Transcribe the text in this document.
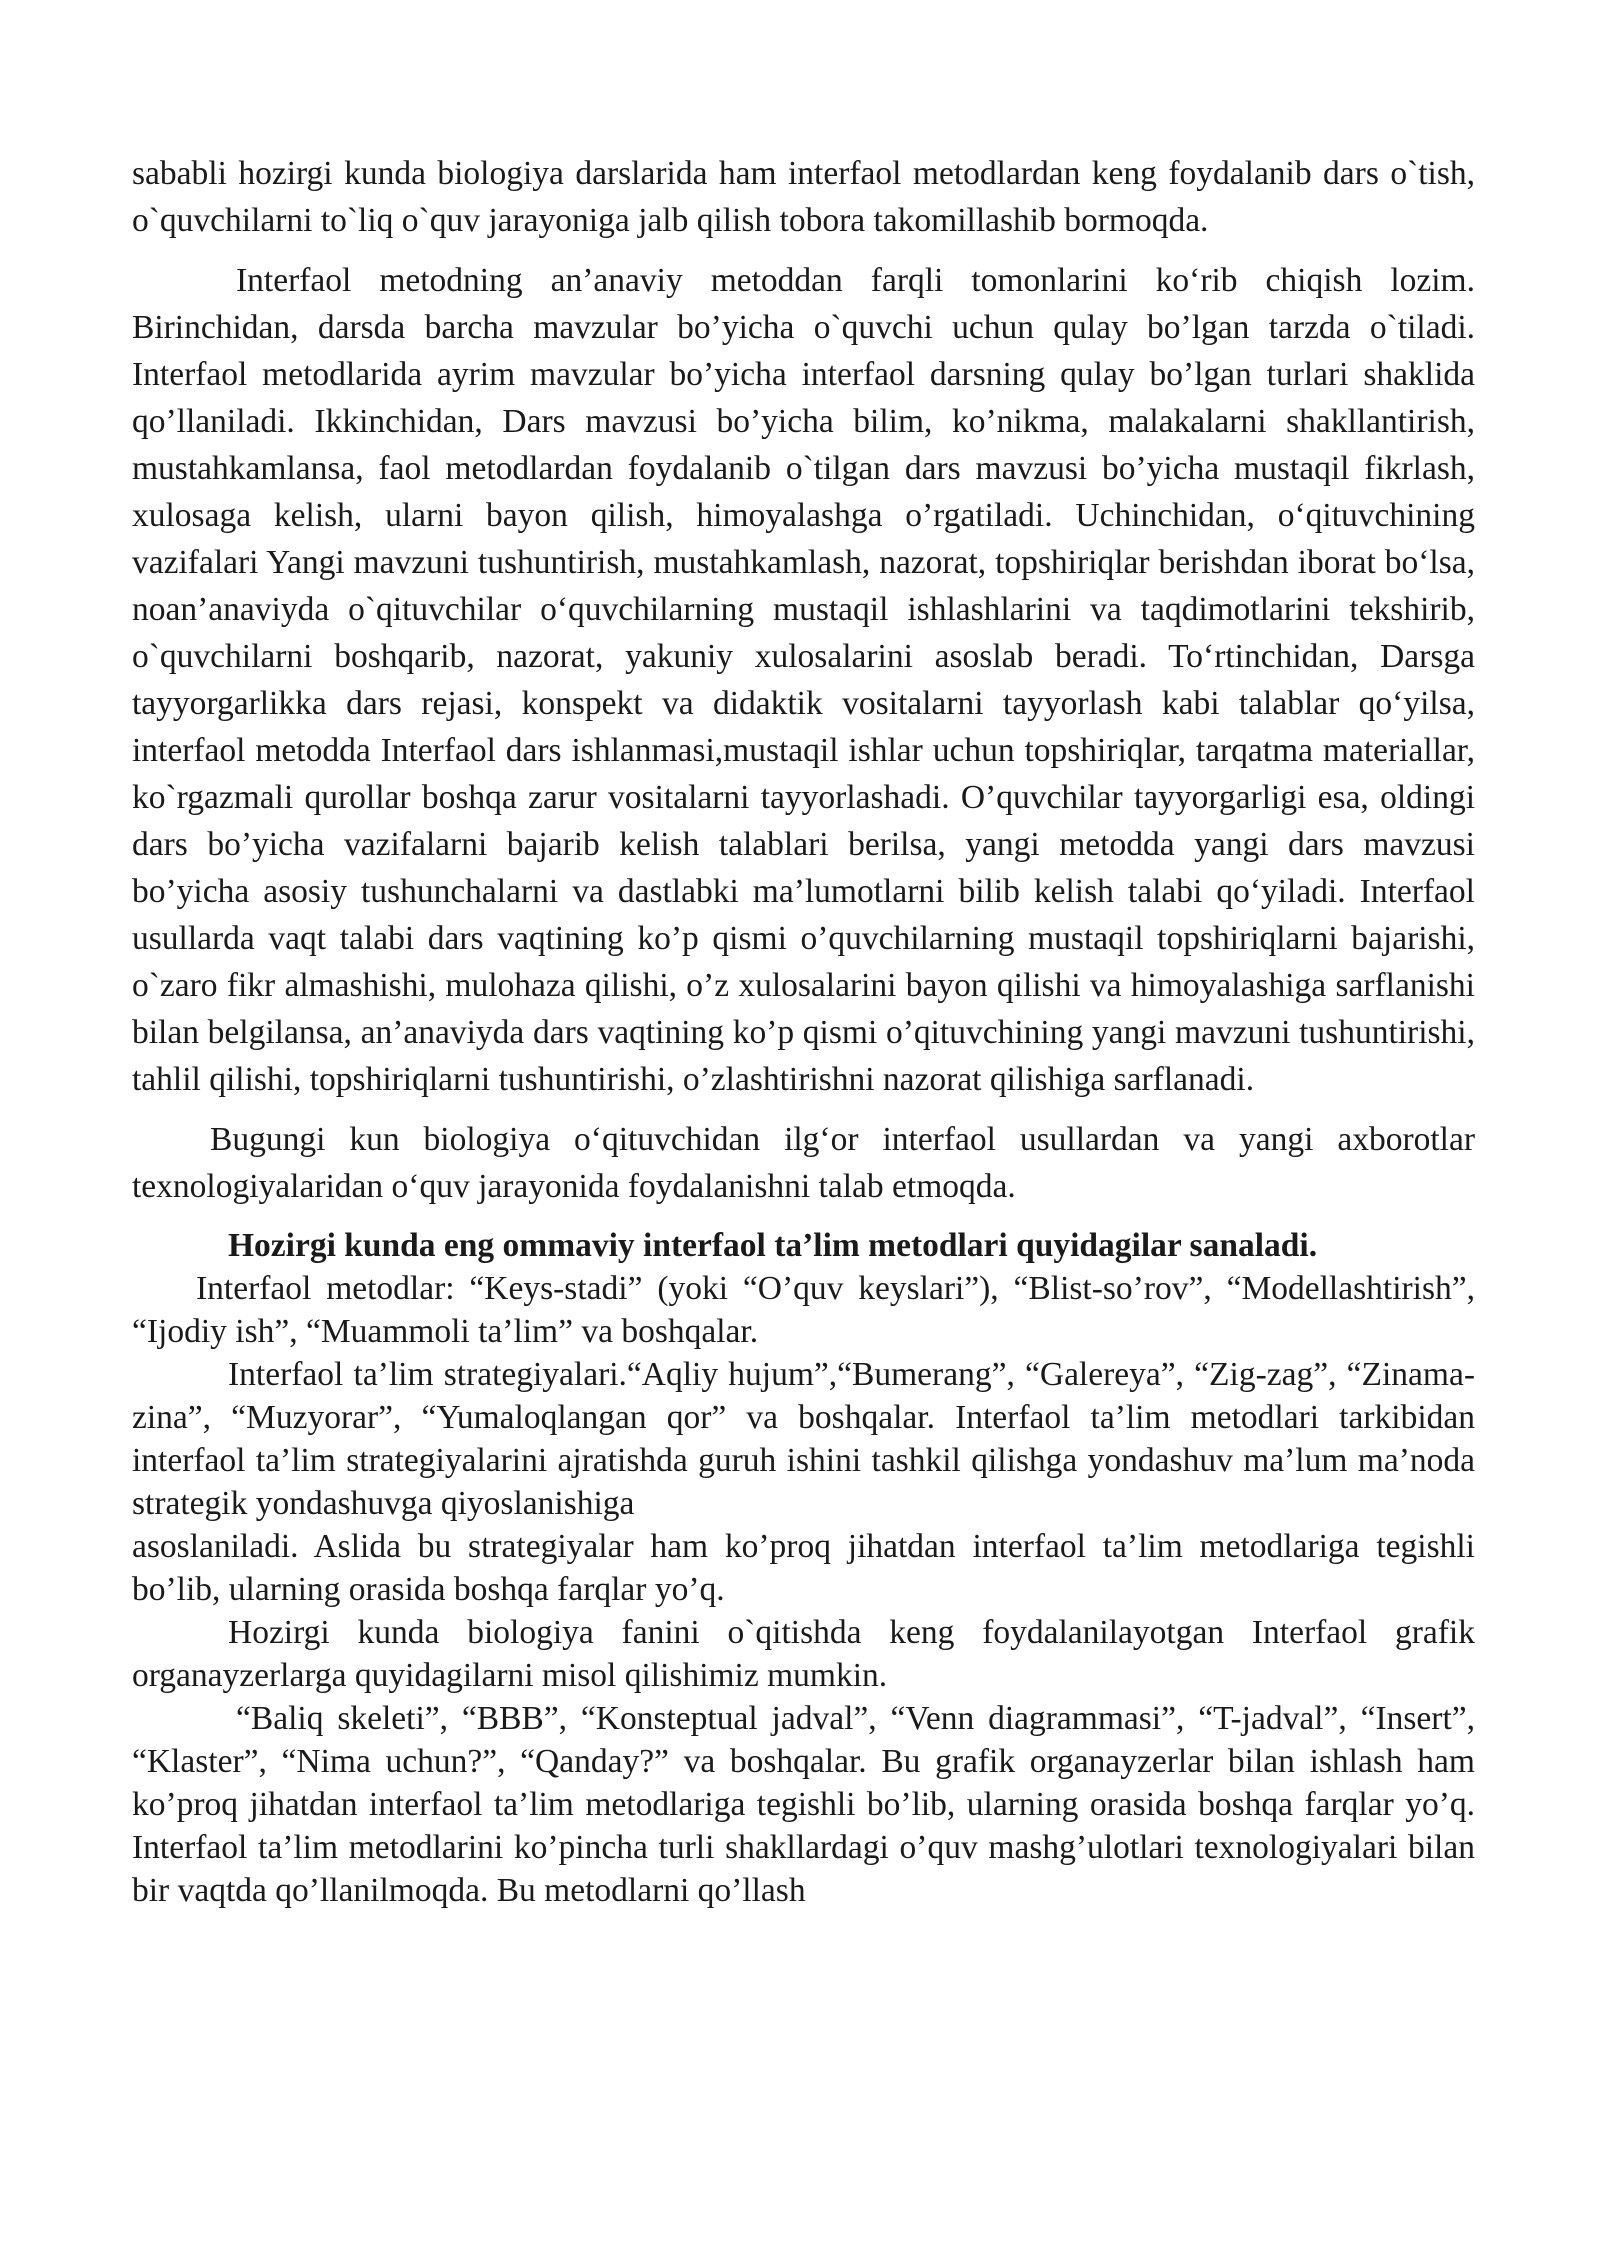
sababli hozirgi kunda biologiya darslarida ham interfaol metodlardan keng foydalanib dars o`tish, o`quvchilarni to`liq o`quv jarayoniga jalb qilish tobora takomillashib bormoqda.

Interfaol metodning an’anaviy metoddan farqli tomonlarini ko‘rib chiqish lozim. Birinchidan, darsda barcha mavzular bo’yicha o`quvchi uchun qulay bo’lgan tarzda o`tiladi. Interfaol metodlarida ayrim mavzular bo’yicha interfaol darsning qulay bo’lgan turlari shaklida qo’llaniladi. Ikkinchidan, Dars mavzusi bo’yicha bilim, ko’nikma, malakalarni shakllantirish, mustahkamlansa, faol metodlardan foydalanib o`tilgan dars mavzusi bo’yicha mustaqil fikrlash, xulosaga kelish, ularni bayon qilish, himoyalashga o’rgatiladi. Uchinchidan, o‘qituvchining vazifalari Yangi mavzuni tushuntirish, mustahkamlash, nazorat, topshiriqlar berishdan iborat bo‘lsa, noan’anaviyda o`qituvchilar o‘quvchilarning mustaqil ishlashlarini va taqdimotlarini tekshirib, o`quvchilarni boshqarib, nazorat, yakuniy xulosalarini asoslab beradi. To‘rtinchidan, Darsga tayyorgarlikka dars rejasi, konspekt va didaktik vositalarni tayyorlash kabi talablar qo‘yilsa, interfaol metodda Interfaol dars ishlanmasi,mustaqil ishlar uchun topshiriqlar, tarqatma materiallar, ko`rgazmali qurollar boshqa zarur vositalarni tayyorlashadi. O’quvchilar tayyorgarligi esa, oldingi dars bo’yicha vazifalarni bajarib kelish talablari berilsa, yangi metodda yangi dars mavzusi bo’yicha asosiy tushunchalarni va dastlabki ma’lumotlarni bilib kelish talabi qo‘yiladi. Interfaol usullarda vaqt talabi dars vaqtining ko’p qismi o’quvchilarning mustaqil topshiriqlarni bajarishi, o`zaro fikr almashishi, mulohaza qilishi, o’z xulosalarini bayon qilishi va himoyalashiga sarflanishi bilan belgilansa, an’anaviyda dars vaqtining ko’p qismi o’qituvchining yangi mavzuni tushuntirishi, tahlil qilishi, topshiriqlarni tushuntirishi, o’zlashtirishni nazorat qilishiga sarflanadi.

Bugungi kun biologiya o‘qituvchidan ilg‘or interfaol usullardan va yangi axborotlar texnologiyalaridan o‘quv jarayonida foydalanishni talab etmoqda.

Hozirgi kunda eng ommaviy interfaol ta’lim metodlari quyidagilar sanaladi.

Interfaol metodlar: “Keys-stadi” (yoki “O’quv keyslari”), “Blist-so’rov”, “Modellashtirish”, “Ijodiy ish”, “Muammoli ta’lim” va boshqalar.

Interfaol ta’lim strategiyalari.“Aqliy hujum”,“Bumerang”, “Galereya”, “Zig-zag”, “Zinama-zina”, “Muzyorar”, “Yumaloqlangan qor” va boshqalar. Interfaol ta’lim metodlari tarkibidan interfaol ta’lim strategiyalarini ajratishda guruh ishini tashkil qilishga yondashuv ma’lum ma’noda strategik yondashuvga qiyoslanishiga

asoslaniladi. Aslida bu strategiyalar ham ko’proq jihatdan interfaol ta’lim metodlariga tegishli bo’lib, ularning orasida boshqa farqlar yo’q.

Hozirgi kunda biologiya fanini o`qitishda keng foydalanilayotgan Interfaol grafik organayzerlarga quyidagilarni misol qilishimiz mumkin.

“Baliq skeleti”, “BBB”, “Konsteptual jadval”, “Venn diagrammasi”, “T-jadval”, “Insert”, “Klaster”, “Nima uchun?”, “Qanday?” va boshqalar. Bu grafik organayzerlar bilan ishlash ham ko’proq jihatdan interfaol ta’lim metodlariga tegishli bo’lib, ularning orasida boshqa farqlar yo’q. Interfaol ta’lim metodlarini ko’pincha turli shakllardagi o’quv mashg’ulotlari texnologiyalari bilan bir vaqtda qo’llanilmoqda. Bu metodlarni qo’llash
